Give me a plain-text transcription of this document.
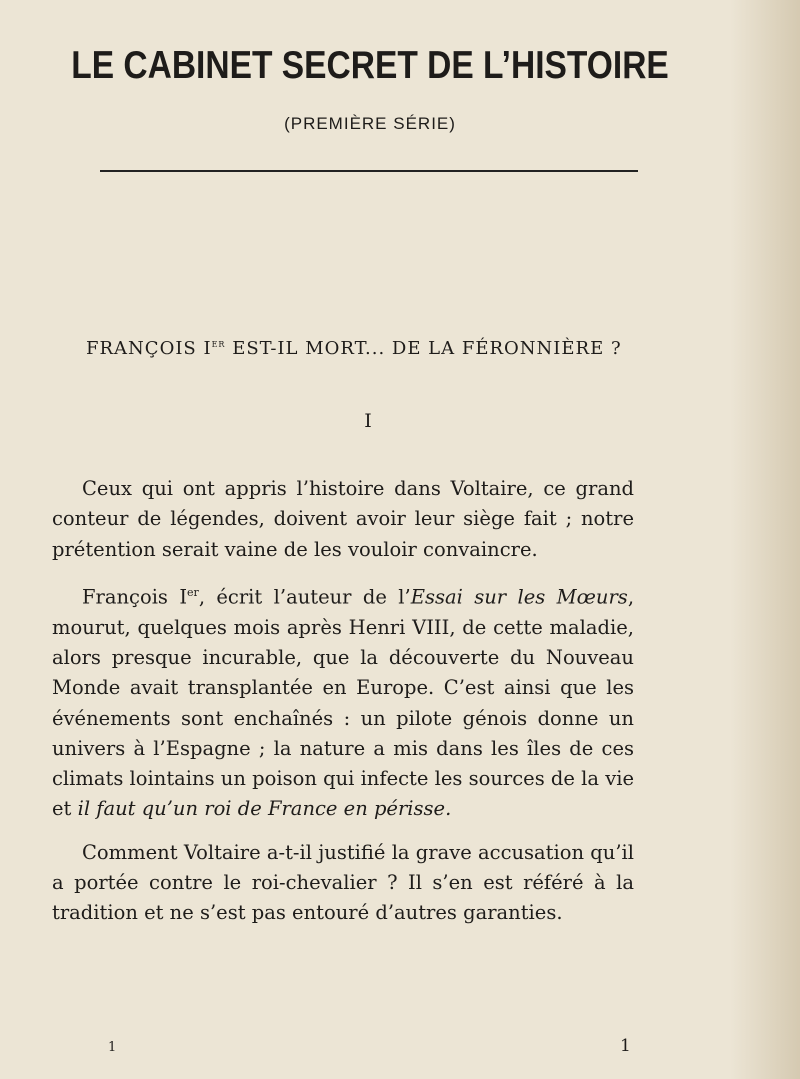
LE CABINET SECRET DE L’HISTOIRE
(PREMIÈRE SÉRIE)
FRANÇOIS Ier EST-IL MORT... DE LA FÉRONNIÈRE ?
I

Ceux qui ont appris l’histoire dans Voltaire, ce grand conteur de légendes, doivent avoir leur siège fait ; notre prétention serait vaine de les vouloir convaincre.

François Ier, écrit l’auteur de l’Essai sur les Mœurs, mourut, quelques mois après Henri VIII, de cette maladie, alors presque incurable, que la découverte du Nouveau Monde avait transplantée en Europe. C’est ainsi que les événements sont enchaînés : un pilote génois donne un univers à l’Espagne ; la nature a mis dans les îles de ces climats lointains un poison qui infecte les sources de la vie et il faut qu’un roi de France en périsse.

Comment Voltaire a-t-il justifié la grave accusation qu’il a portée contre le roi-chevalier ? Il s’en est référé à la tradition et ne s’est pas entouré d’autres garanties.

1	1
